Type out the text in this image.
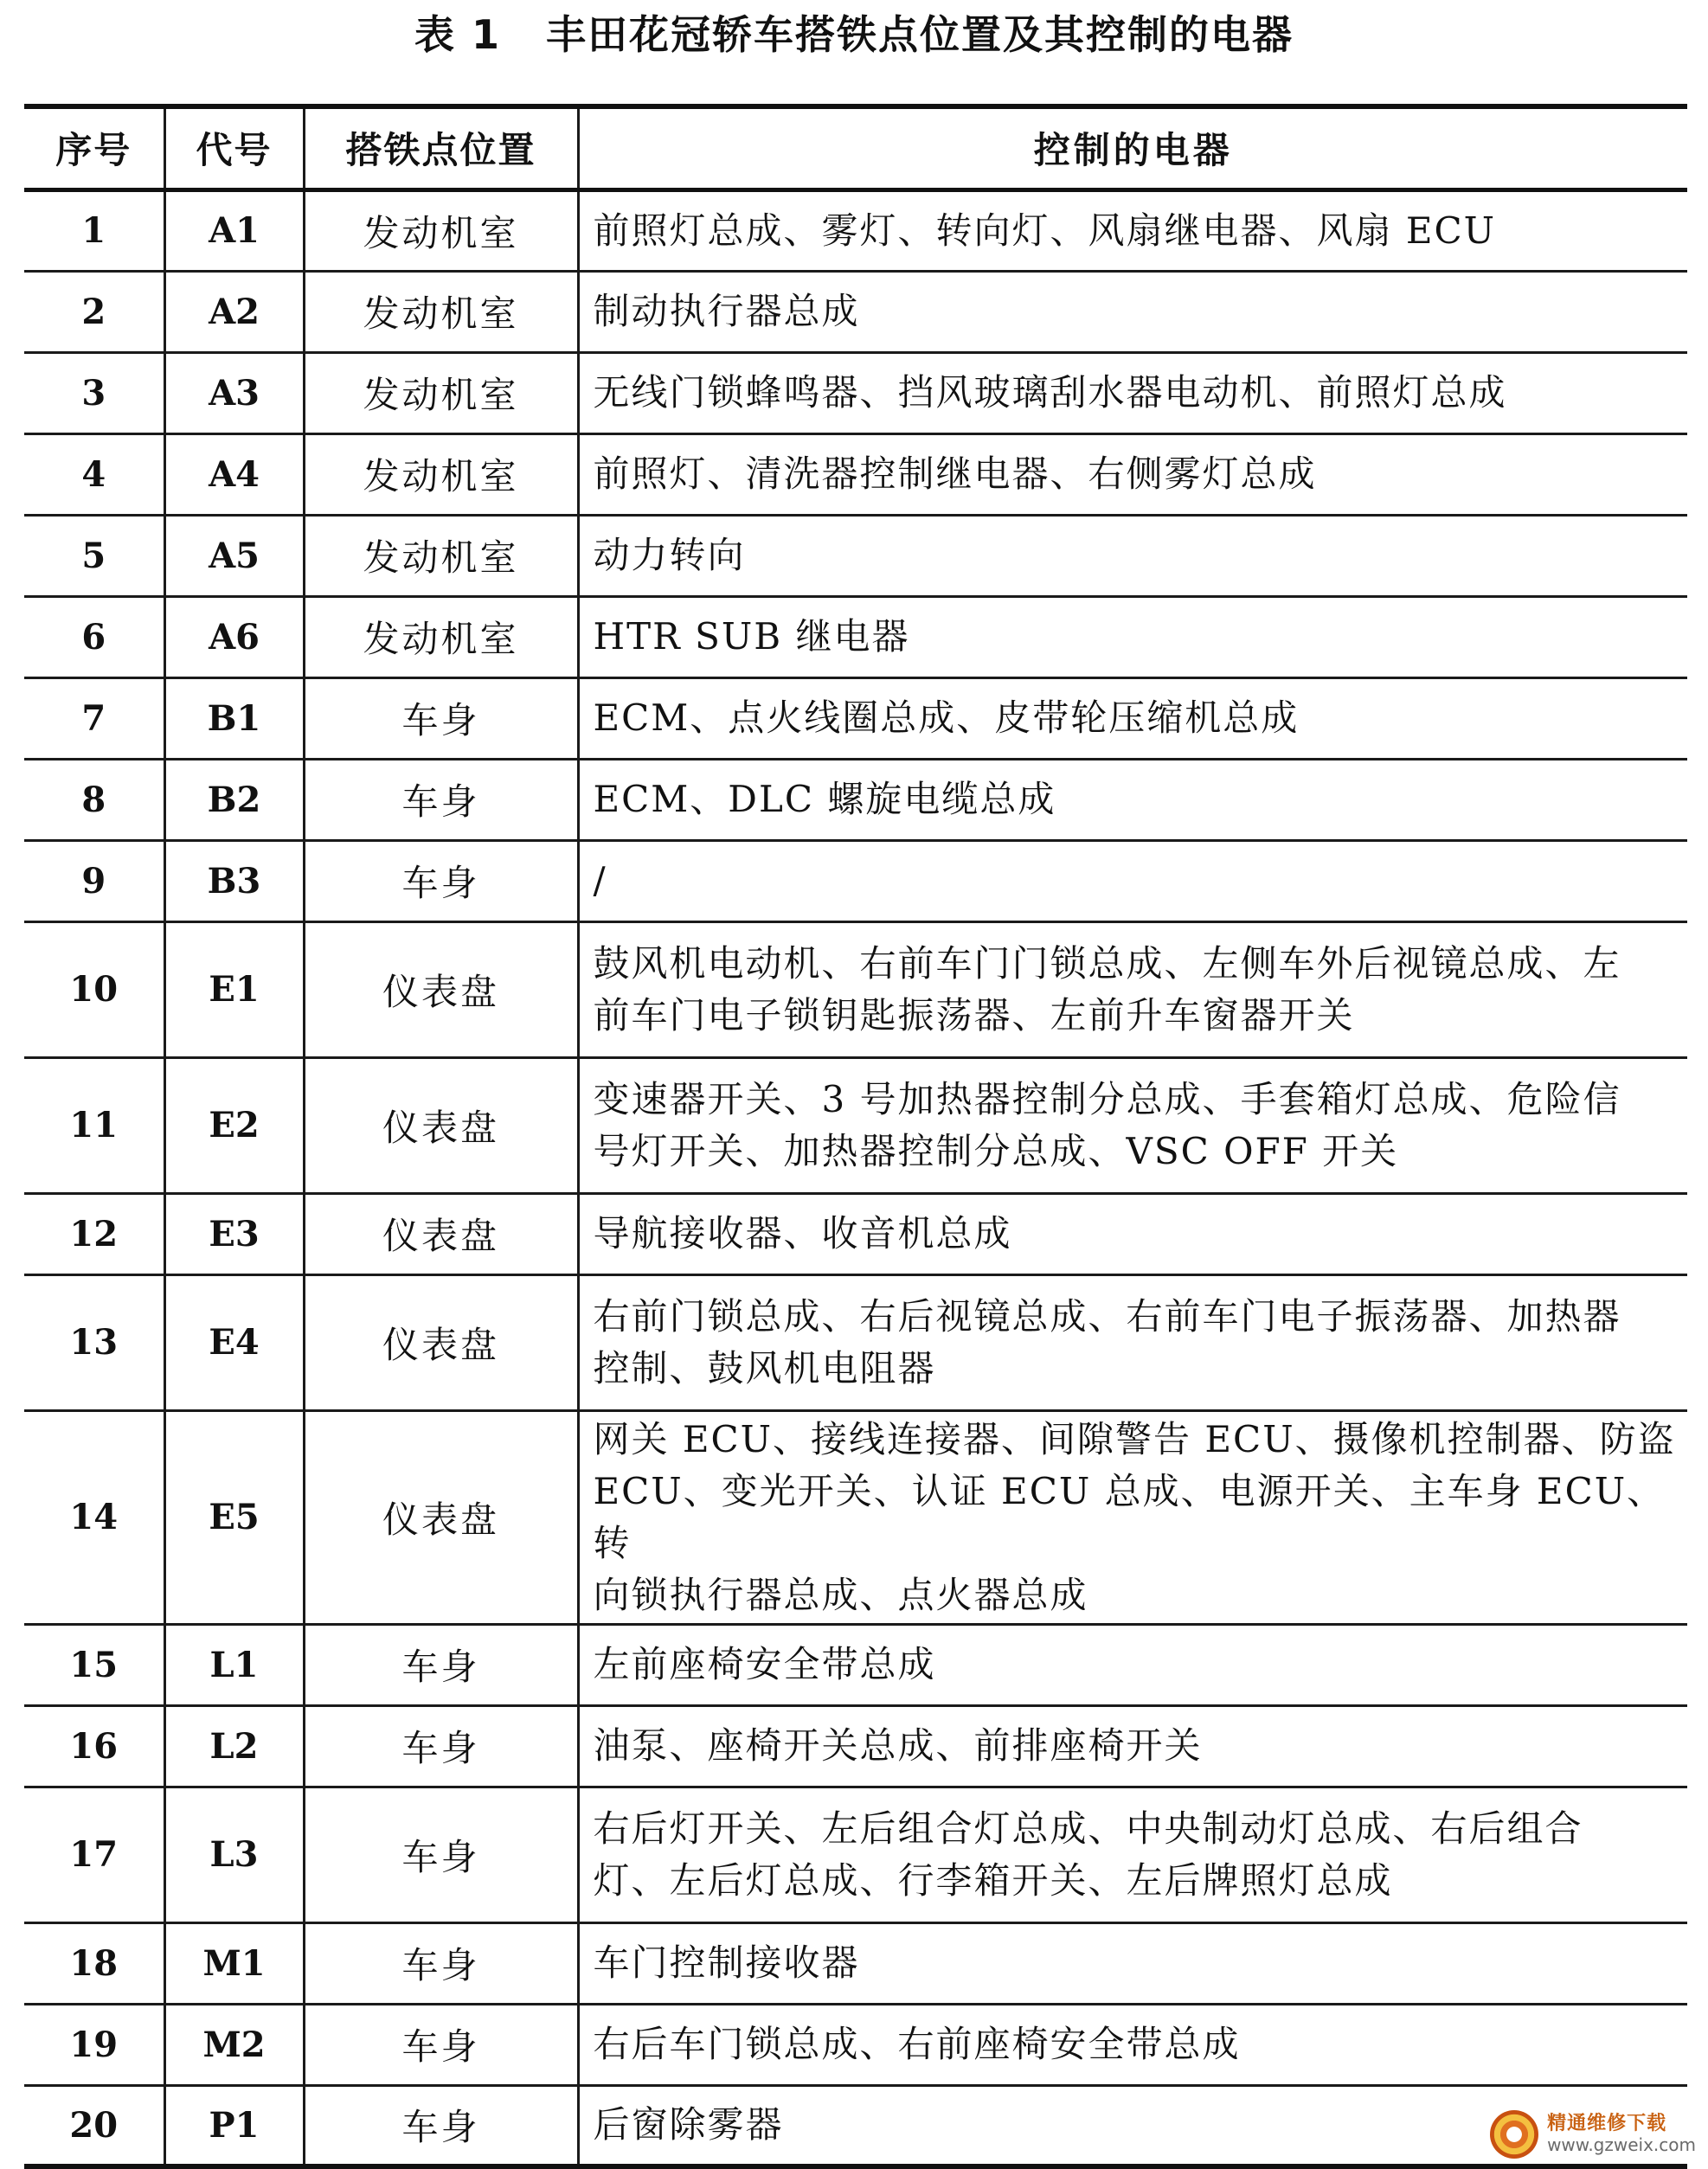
表 1 丰田花冠轿车搭铁点位置及其控制的电器
序号	代号	搭铁点位置	控制的电器
1	A1	发动机室	前照灯总成、雾灯、转向灯、风扇继电器、风扇 ECU

2	A2	发动机室	制动执行器总成

3	A3	发动机室	无线门锁蜂鸣器、挡风玻璃刮水器电动机、前照灯总成

4	A4	发动机室	前照灯、清洗器控制继电器、右侧雾灯总成

5	A5	发动机室	动力转向

6	A6	发动机室	HTR SUB 继电器

7	B1	车身	ECM、点火线圈总成、皮带轮压缩机总成

8	B2	车身	ECM、DLC 螺旋电缆总成

9	B3	车身	/

10	E1	仪表盘	鼓风机电动机、右前车门门锁总成、左侧车外后视镜总成、左
前车门电子锁钥匙振荡器、左前升车窗器开关

11	E2	仪表盘	变速器开关、3 号加热器控制分总成、手套箱灯总成、危险信
号灯开关、加热器控制分总成、VSC OFF 开关

12	E3	仪表盘	导航接收器、收音机总成

13	E4	仪表盘	右前门锁总成、右后视镜总成、右前车门电子振荡器、加热器
控制、鼓风机电阻器

14	E5	仪表盘	网关 ECU、接线连接器、间隙警告 ECU、摄像机控制器、防盗
ECU、变光开关、认证 ECU 总成、电源开关、主车身 ECU、转
向锁执行器总成、点火器总成

15	L1	车身	左前座椅安全带总成

16	L2	车身	油泵、座椅开关总成、前排座椅开关

17	L3	车身	右后灯开关、左后组合灯总成、中央制动灯总成、右后组合
灯、左后灯总成、行李箱开关、左后牌照灯总成

18	M1	车身	车门控制接收器

19	M2	车身	右后车门锁总成、右前座椅安全带总成

20	P1	车身	后窗除雾器	精通维修下载
www.gzweix.com
